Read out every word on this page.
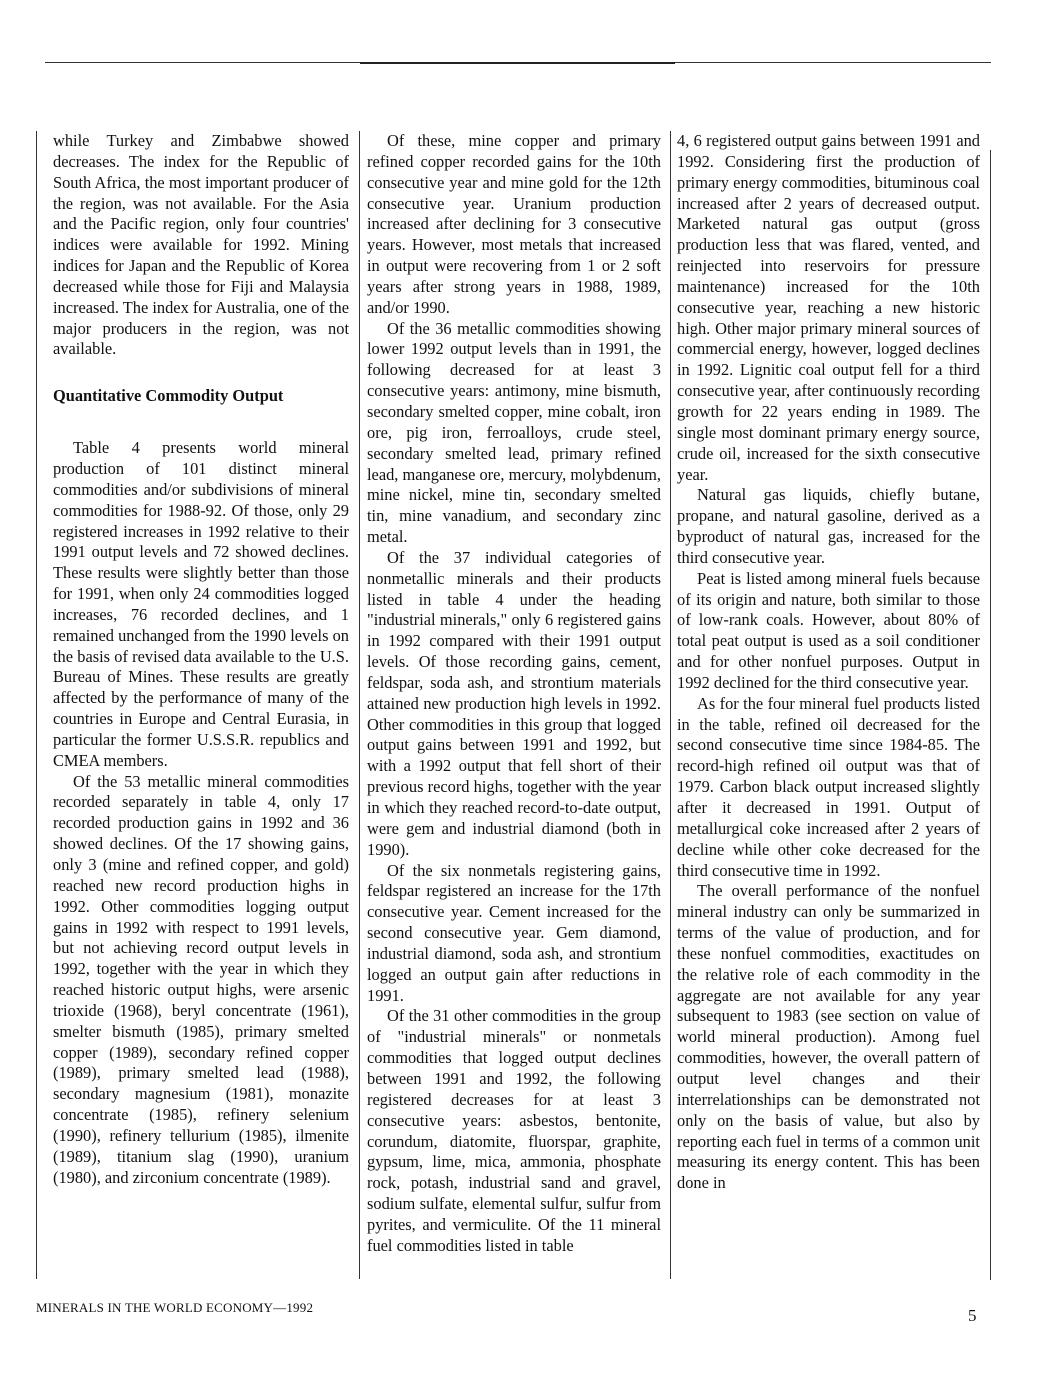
while Turkey and Zimbabwe showed decreases. The index for the Republic of South Africa, the most important producer of the region, was not available. For the Asia and the Pacific region, only four countries' indices were available for 1992. Mining indices for Japan and the Republic of Korea decreased while those for Fiji and Malaysia increased. The index for Australia, one of the major producers in the region, was not available.

Quantitative Commodity Output

Table 4 presents world mineral production of 101 distinct mineral commodities and/or subdivisions of mineral commodities for 1988-92. Of those, only 29 registered increases in 1992 relative to their 1991 output levels and 72 showed declines. These results were slightly better than those for 1991, when only 24 commodities logged increases, 76 recorded declines, and 1 remained unchanged from the 1990 levels on the basis of revised data available to the U.S. Bureau of Mines. These results are greatly affected by the performance of many of the countries in Europe and Central Eurasia, in particular the former U.S.S.R. republics and CMEA members.

Of the 53 metallic mineral commodities recorded separately in table 4, only 17 recorded production gains in 1992 and 36 showed declines. Of the 17 showing gains, only 3 (mine and refined copper, and gold) reached new record production highs in 1992. Other commodities logging output gains in 1992 with respect to 1991 levels, but not achieving record output levels in 1992, together with the year in which they reached historic output highs, were arsenic trioxide (1968), beryl concentrate (1961), smelter bismuth (1985), primary smelted copper (1989), secondary refined copper (1989), primary smelted lead (1988), secondary magnesium (1981), monazite concentrate (1985), refinery selenium (1990), refinery tellurium (1985), ilmenite (1989), titanium slag (1990), uranium (1980), and zirconium concentrate (1989).

Of these, mine copper and primary refined copper recorded gains for the 10th consecutive year and mine gold for the 12th consecutive year. Uranium production increased after declining for 3 consecutive years. However, most metals that increased in output were recovering from 1 or 2 soft years after strong years in 1988, 1989, and/or 1990.

Of the 36 metallic commodities showing lower 1992 output levels than in 1991, the following decreased for at least 3 consecutive years: antimony, mine bismuth, secondary smelted copper, mine cobalt, iron ore, pig iron, ferroalloys, crude steel, secondary smelted lead, primary refined lead, manganese ore, mercury, molybdenum, mine nickel, mine tin, secondary smelted tin, mine vanadium, and secondary zinc metal.

Of the 37 individual categories of nonmetallic minerals and their products listed in table 4 under the heading "industrial minerals," only 6 registered gains in 1992 compared with their 1991 output levels. Of those recording gains, cement, feldspar, soda ash, and strontium materials attained new production high levels in 1992. Other commodities in this group that logged output gains between 1991 and 1992, but with a 1992 output that fell short of their previous record highs, together with the year in which they reached record-to-date output, were gem and industrial diamond (both in 1990).

Of the six nonmetals registering gains, feldspar registered an increase for the 17th consecutive year. Cement increased for the second consecutive year. Gem diamond, industrial diamond, soda ash, and strontium logged an output gain after reductions in 1991.

Of the 31 other commodities in the group of "industrial minerals" or nonmetals commodities that logged output declines between 1991 and 1992, the following registered decreases for at least 3 consecutive years: asbestos, bentonite, corundum, diatomite, fluorspar, graphite, gypsum, lime, mica, ammonia, phosphate rock, potash, industrial sand and gravel, sodium sulfate, elemental sulfur, sulfur from pyrites, and vermiculite. Of the 11 mineral fuel commodities listed in table

4, 6 registered output gains between 1991 and 1992. Considering first the production of primary energy commodities, bituminous coal increased after 2 years of decreased output. Marketed natural gas output (gross production less that was flared, vented, and reinjected into reservoirs for pressure maintenance) increased for the 10th consecutive year, reaching a new historic high. Other major primary mineral sources of commercial energy, however, logged declines in 1992. Lignitic coal output fell for a third consecutive year, after continuously recording growth for 22 years ending in 1989. The single most dominant primary energy source, crude oil, increased for the sixth consecutive year.

Natural gas liquids, chiefly butane, propane, and natural gasoline, derived as a byproduct of natural gas, increased for the third consecutive year.

Peat is listed among mineral fuels because of its origin and nature, both similar to those of low-rank coals. However, about 80% of total peat output is used as a soil conditioner and for other nonfuel purposes. Output in 1992 declined for the third consecutive year.

As for the four mineral fuel products listed in the table, refined oil decreased for the second consecutive time since 1984-85. The record-high refined oil output was that of 1979. Carbon black output increased slightly after it decreased in 1991. Output of metallurgical coke increased after 2 years of decline while other coke decreased for the third consecutive time in 1992.

The overall performance of the nonfuel mineral industry can only be summarized in terms of the value of production, and for these nonfuel commodities, exactitudes on the relative role of each commodity in the aggregate are not available for any year subsequent to 1983 (see section on value of world mineral production). Among fuel commodities, however, the overall pattern of output level changes and their interrelationships can be demonstrated not only on the basis of value, but also by reporting each fuel in terms of a common unit measuring its energy content. This has been done in

MINERALS IN THE WORLD ECONOMY—1992	5
